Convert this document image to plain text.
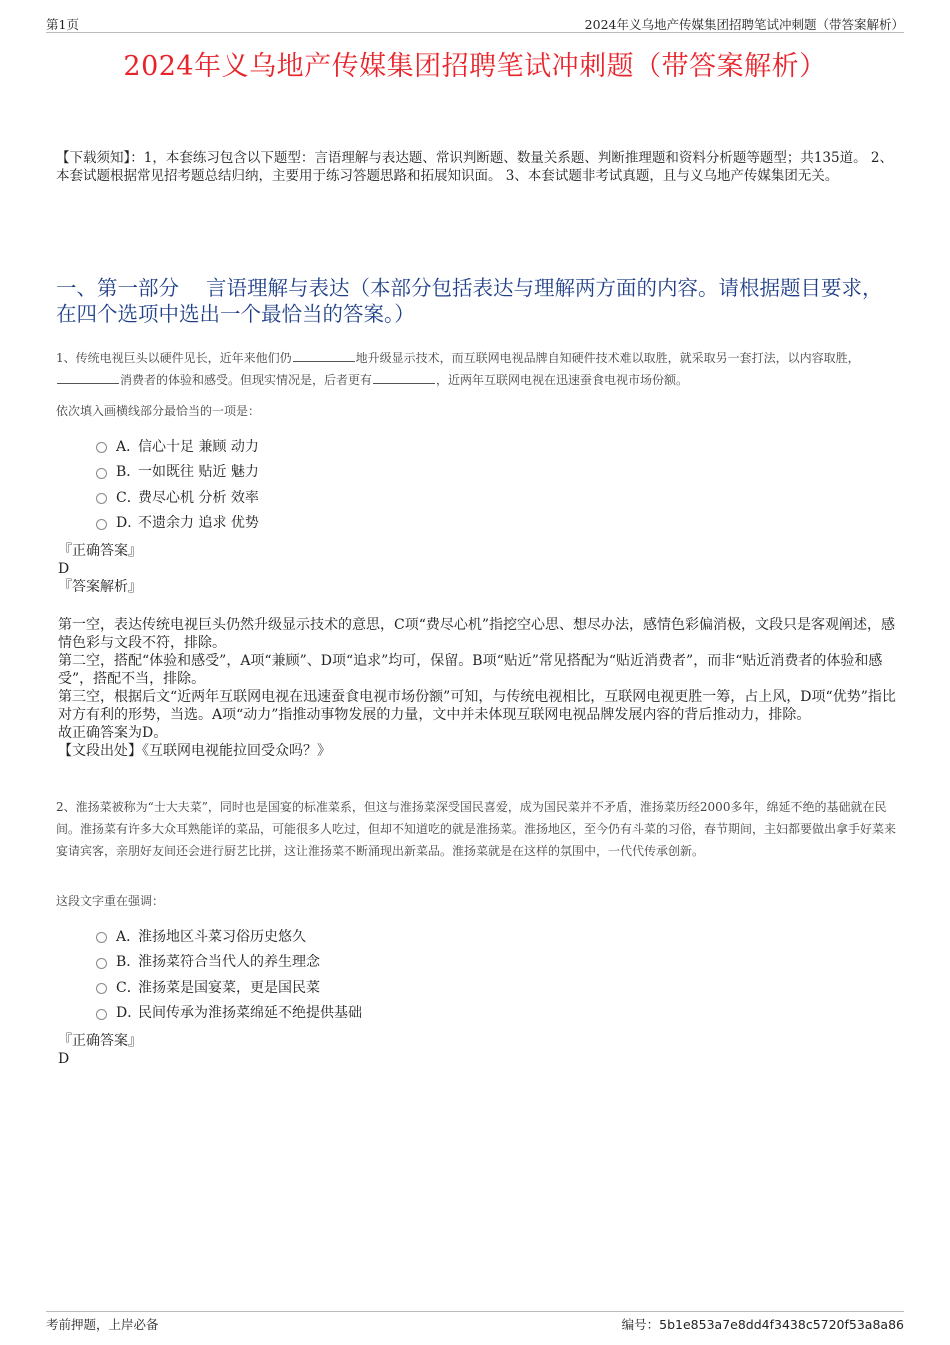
第1页	2024年义乌地产传媒集团招聘笔试冲刺题（带答案解析）
2024年义乌地产传媒集团招聘笔试冲刺题（带答案解析）
【下载须知】：1，本套练习包含以下题型：言语理解与表达题、常识判断题、数量关系题、判断推理题和资料分析题等题型；共135道。 2、本套试题根据常见招考题总结归纳，主要用于练习答题思路和拓展知识面。 3、本套试题非考试真题，且与义乌地产传媒集团无关。
一、第一部分　 言语理解与表达（本部分包括表达与理解两方面的内容。请根据题目要求，在四个选项中选出一个最恰当的答案。）
1、传统电视巨头以硬件见长，近年来他们仍	地升级显示技术，而互联网电视品牌自知硬件技术难以取胜，就采取另一套打法，以内容取胜，消费者的体验和感受。但现实情况是，后者更有	，近两年互联网电视在迅速蚕食电视市场份额。
依次填入画横线部分最恰当的一项是：
A．
信心十足 兼顾 动力
B．
一如既往 贴近 魅力
C．
费尽心机 分析 效率
D．
不遗余力 追求 优势
『正确答案』
D
『答案解析』

第一空，表达传统电视巨头仍然升级显示技术的意思，C项“费尽心机”指挖空心思、想尽办法，感情色彩偏消极，文段只是客观阐述，感情色彩与文段不符，排除。

第二空，搭配“体验和感受”，A项“兼顾”、D项“追求”均可，保留。B项“贴近”常见搭配为“贴近消费者”，而非“贴近消费者的体验和感受”，搭配不当，排除。

第三空，根据后文“近两年互联网电视在迅速蚕食电视市场份额”可知，与传统电视相比，互联网电视更胜一筹，占上风，D项“优势”指比对方有利的形势，当选。A项“动力”指推动事物发展的力量，文中并未体现互联网电视品牌发展内容的背后推动力，排除。

故正确答案为D。

【文段出处】《互联网电视能拉回受众吗？》

2、淮扬菜被称为“士大夫菜”，同时也是国宴的标准菜系，但这与淮扬菜深受国民喜爱，成为国民菜并不矛盾，淮扬菜历经2000多年，绵延不绝的基础就在民间。淮扬菜有许多大众耳熟能详的菜品，可能很多人吃过，但却不知道吃的就是淮扬菜。淮扬地区，至今仍有斗菜的习俗，春节期间，主妇都要做出拿手好菜来宴请宾客，亲朋好友间还会进行厨艺比拼，这让淮扬菜不断涌现出新菜品。淮扬菜就是在这样的氛围中，一代代传承创新。
这段文字重在强调：
A．
淮扬地区斗菜习俗历史悠久
B．
淮扬菜符合当代人的养生理念
C．
淮扬菜是国宴菜，更是国民菜
D．
民间传承为淮扬菜绵延不绝提供基础
『正确答案』
D
考前押题，上岸必备	编号：5b1e853a7e8dd4f3438c5720f53a8a86
